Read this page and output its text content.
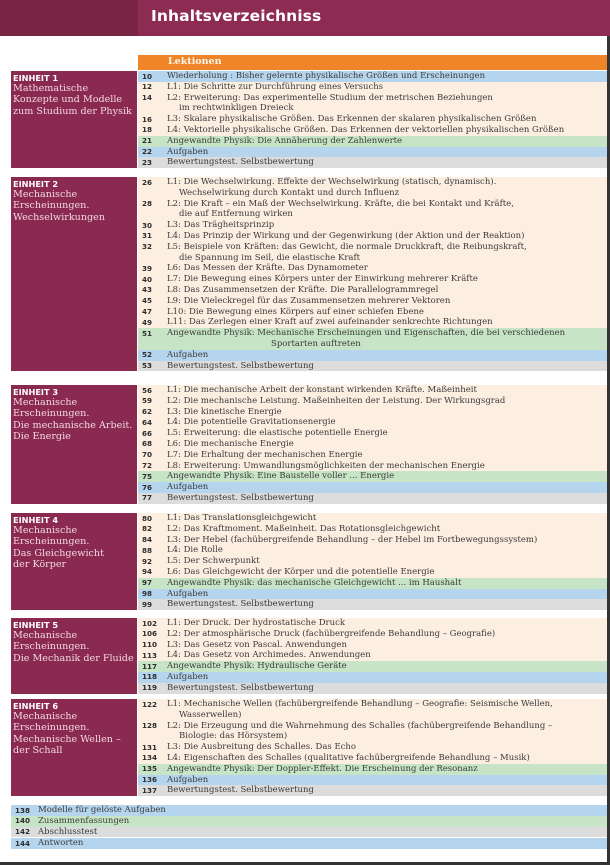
Inhaltsverzeichniss
Lektionen
10	Wiederholung : Bisher gelernte physikalische Größen und Erscheinungen
12	L1: Die Schritte zur Durchführung eines Versuchs
14	L2: Erweiterung: Das experimentelle Studium der metrischen Beziehungen
im rechtwinkligen Dreieck
16	L3: Skalare physikalische Größen. Das Erkennen der skalaren physikalischen Größen
18	L4: Vektorielle physikalische Größen. Das Erkennen der vektoriellen physikalischen Größen
21	Angewandte Physik: Die Annäherung der Zahlenwerte
22	Aufgaben
23	Bewertungstest. Selbstbewertung
EINHEIT 1
Mathematische
Konzepte und Modelle
zum Studium der Physik
26	L1: Die Wechselwirkung. Effekte der Wechselwirkung (statisch, dynamisch).
Wechselwirkung durch Kontakt und durch Influenz
28	L2: Die Kraft – ein Maß der Wechselwirkung. Kräfte, die bei Kontakt und Kräfte,
die auf Entfernung wirken
30	L3: Das Trägheitsprinzip
31	L4: Das Prinzip der Wirkung und der Gegenwirkung (der Aktion und der Reaktion)
32	L5: Beispiele von Kräften: das Gewicht, die normale Druckkraft, die Reibungskraft,
die Spannung im Seil, die elastische Kraft
39	L6: Das Messen der Kräfte. Das Dynamometer
40	L7: Die Bewegung eines Körpers unter der Einwirkung mehrerer Kräfte
43	L8: Das Zusammensetzen der Kräfte. Die Parallelogrammregel
45	L9: Die Vieleckregel für das Zusammensetzen mehrerer Vektoren
47	L10: Die Bewegung eines Körpers auf einer schiefen Ebene
49	L11: Das Zerlegen einer Kraft auf zwei aufeinander senkrechte Richtungen
51	Angewandte Physik: Mechanische Erscheinungen und Eigenschaften, die bei verschiedenen
Sportarten auftreten
52	Aufgaben
53	Bewertungstest. Selbstbewertung
EINHEIT 2
Mechanische
Erscheinungen.
Wechselwirkungen
56	L1: Die mechanische Arbeit der konstant wirkenden Kräfte. Maßeinheit
59	L2: Die mechanische Leistung. Maßeinheiten der Leistung. Der Wirkungsgrad
62	L3: Die kinetische Energie
64	L4: Die potentielle Gravitationsenergie
66	L5: Erweiterung: die elastische potentielle Energie
68	L6: Die mechanische Energie
70	L7: Die Erhaltung der mechanischen Energie
72	L8: Erweiterung: Umwandlungsmöglichkeiten der mechanischen Energie
75	Angewandte Physik: Eine Baustelle voller ... Energie
76	Aufgaben
77	Bewertungstest. Selbstbewertung
EINHEIT 3
Mechanische
Erscheinungen.
Die mechanische Arbeit.
Die Energie
80	L1: Das Translationsgleichgewicht
82	L2: Das Kraftmoment. Maßeinheit. Das Rotationsgleichgewicht
84	L3: Der Hebel (fachübergreifende Behandlung – der Hebel im Fortbewegungssystem)
88	L4: Die Rolle
92	L5: Der Schwerpunkt
94	L6: Das Gleichgewicht der Körper und die potentielle Energie
97	Angewandte Physik: das mechanische Gleichgewicht ... im Haushalt
98	Aufgaben
99	Bewertungstest. Selbstbewertung
EINHEIT 4
Mechanische
Erscheinungen.
Das Gleichgewicht
der Körper
102	L1: Der Druck. Der hydrostatische Druck
106	L2: Der atmosphärische Druck (fachübergreifende Behandlung – Geografie)
110	L3: Das Gesetz von Pascal. Anwendungen
113	L4: Das Gesetz von Archimedes. Anwendungen
117	Angewandte Physik: Hydraulische Geräte
118	Aufgaben
119	Bewertungstest. Selbstbewertung
EINHEIT 5
Mechanische
Erscheinungen.
Die Mechanik der Fluide
122	L1: Mechanische Wellen (fachübergreifende Behandlung – Geografie: Seismische Wellen,
Wasserwellen)
128	L2: Die Erzeugung und die Wahrnehmung des Schalles (fachübergreifende Behandlung –
Biologie: das Hörsystem)
131	L3: Die Ausbreitung des Schalles. Das Echo
134	L4: Eigenschaften des Schalles (qualitative fachübergreifende Behandlung – Musik)
135	Angewandte Physik: Der Doppler-Effekt. Die Erscheinung der Resonanz
136	Aufgaben
137	Bewertungstest. Selbstbewertung
EINHEIT 6
Mechanische
Erscheinungen.
Mechanische Wellen –
der Schall
138 Modelle für gelöste Aufgaben
140 Zusammenfassungen
142 Abschlusstest
144 Antworten
